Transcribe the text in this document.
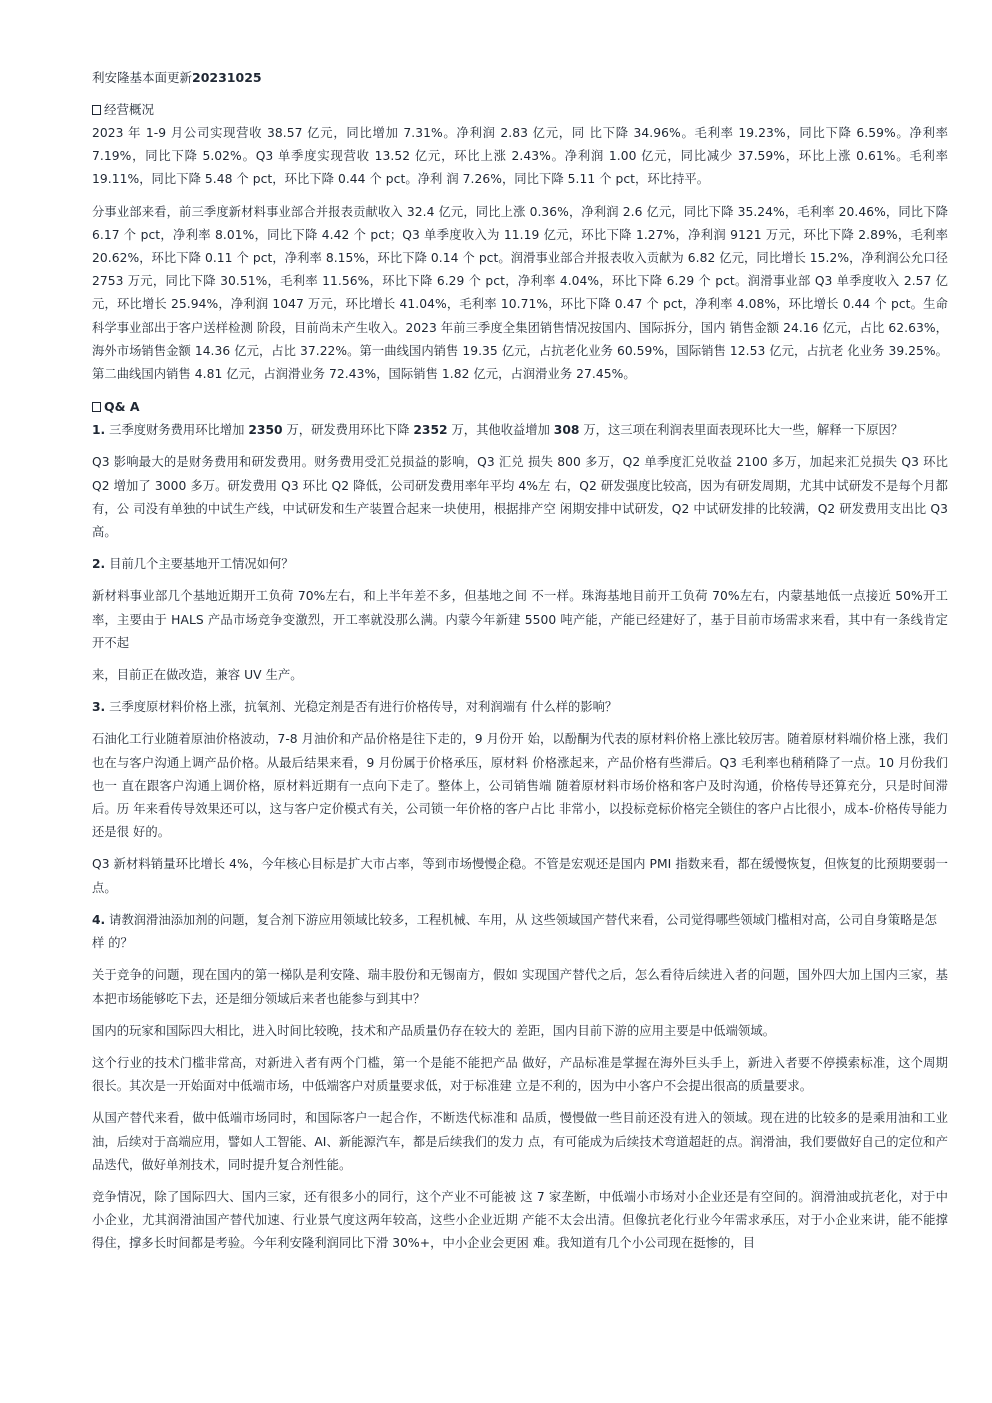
利安隆基本面更新20231025
经营概况

2023 年 1-9 月公司实现营收 38.57 亿元，同比增加 7.31%。净利润 2.83 亿元，同 比下降 34.96%。毛利率 19.23%，同比下降 6.59%。净利率 7.19%，同比下降 5.02%。Q3 单季度实现营收 13.52 亿元，环比上涨 2.43%。净利润 1.00 亿元，同比减少 37.59%，环比上涨 0.61%。毛利率 19.11%，同比下降 5.48 个 pct，环比下降 0.44 个 pct。净利 润 7.26%，同比下降 5.11 个 pct，环比持平。

分事业部来看，前三季度新材料事业部合并报表贡献收入 32.4 亿元，同比上涨 0.36%，净利润 2.6 亿元，同比下降 35.24%，毛利率 20.46%，同比下降 6.17 个 pct，净利率 8.01%，同比下降 4.42 个 pct；Q3 单季度收入为 11.19 亿元，环比下降 1.27%，净利润 9121 万元，环比下降 2.89%，毛利率 20.62%，环比下降 0.11 个 pct，净利率 8.15%，环比下降 0.14 个 pct。润滑事业部合并报表收入贡献为 6.82 亿元，同比增长 15.2%，净利润公允口径 2753 万元，同比下降 30.51%，毛利率 11.56%，环比下降 6.29 个 pct，净利率 4.04%，环比下降 6.29 个 pct。润滑事业部 Q3 单季度收入 2.57 亿元，环比增长 25.94%，净利润 1047 万元，环比增长 41.04%，毛利率 10.71%，环比下降 0.47 个 pct，净利率 4.08%，环比增长 0.44 个 pct。生命科学事业部出于客户送样检测 阶段，目前尚未产生收入。2023 年前三季度全集团销售情况按国内、国际拆分，国内 销售金额 24.16 亿元，占比 62.63%，海外市场销售金额 14.36 亿元，占比 37.22%。第一曲线国内销售 19.35 亿元，占抗老化业务 60.59%，国际销售 12.53 亿元，占抗老 化业务 39.25%。第二曲线国内销售 4.81 亿元，占润滑业务 72.43%，国际销售 1.82 亿元，占润滑业务 27.45%。

Q& A

1. 三季度财务费用环比增加 2350 万，研发费用环比下降 2352 万，其他收益增加 308 万，这三项在利润表里面表现环比大一些，解释一下原因？

Q3 影响最大的是财务费用和研发费用。财务费用受汇兑损益的影响，Q3 汇兑 损失 800 多万，Q2 单季度汇兑收益 2100 多万，加起来汇兑损失 Q3 环比 Q2 增加了 3000 多万。研发费用 Q3 环比 Q2 降低，公司研发费用率年平均 4%左 右，Q2 研发强度比较高，因为有研发周期，尤其中试研发不是每个月都有，公 司没有单独的中试生产线，中试研发和生产装置合起来一块使用，根据排产空 闲期安排中试研发，Q2 中试研发排的比较满，Q2 研发费用支出比 Q3 高。

2. 目前几个主要基地开工情况如何？

新材料事业部几个基地近期开工负荷 70%左右，和上半年差不多，但基地之间 不一样。珠海基地目前开工负荷 70%左右，内蒙基地低一点接近 50%开工率，主要由于 HALS 产品市场竞争变激烈，开工率就没那么满。内蒙今年新建 5500 吨产能，产能已经建好了，基于目前市场需求来看，其中有一条线肯定开不起

来，目前正在做改造，兼容 UV 生产。

3. 三季度原材料价格上涨，抗氧剂、光稳定剂是否有进行价格传导，对利润端有 什么样的影响？

石油化工行业随着原油价格波动，7-8 月油价和产品价格是往下走的，9 月份开 始，以酚酮为代表的原材料价格上涨比较厉害。随着原材料端价格上涨，我们 也在与客户沟通上调产品价格。从最后结果来看，9 月份属于价格承压，原材料 价格涨起来，产品价格有些滞后。Q3 毛利率也稍稍降了一点。10 月份我们也一 直在跟客户沟通上调价格，原材料近期有一点向下走了。整体上，公司销售端 随着原材料市场价格和客户及时沟通，价格传导还算充分，只是时间滞后。历 年来看传导效果还可以，这与客户定价模式有关，公司锁一年价格的客户占比 非常小，以投标竞标价格完全锁住的客户占比很小，成本-价格传导能力还是很 好的。

Q3 新材料销量环比增长 4%，今年核心目标是扩大市占率，等到市场慢慢企稳。不管是宏观还是国内 PMI 指数来看，都在缓慢恢复，但恢复的比预期要弱一点。

4. 请教润滑油添加剂的问题，复合剂下游应用领域比较多，工程机械、车用，从 这些领域国产替代来看，公司觉得哪些领域门槛相对高，公司自身策略是怎样 的？

关于竞争的问题，现在国内的第一梯队是利安隆、瑞丰股份和无锡南方，假如 实现国产替代之后，怎么看待后续进入者的问题，国外四大加上国内三家，基 本把市场能够吃下去，还是细分领域后来者也能参与到其中？

国内的玩家和国际四大相比，进入时间比较晚，技术和产品质量仍存在较大的 差距，国内目前下游的应用主要是中低端领域。

这个行业的技术门槛非常高，对新进入者有两个门槛，第一个是能不能把产品 做好，产品标准是掌握在海外巨头手上，新进入者要不停摸索标准，这个周期 很长。其次是一开始面对中低端市场，中低端客户对质量要求低，对于标准建 立是不利的，因为中小客户不会提出很高的质量要求。

从国产替代来看，做中低端市场同时，和国际客户一起合作，不断迭代标准和 品质，慢慢做一些目前还没有进入的领域。现在进的比较多的是乘用油和工业 油，后续对于高端应用，譬如人工智能、AI、新能源汽车，都是后续我们的发力 点，有可能成为后续技术弯道超赶的点。润滑油，我们要做好自己的定位和产 品迭代，做好单剂技术，同时提升复合剂性能。

竞争情况，除了国际四大、国内三家，还有很多小的同行，这个产业不可能被 这 7 家垄断，中低端小市场对小企业还是有空间的。润滑油或抗老化，对于中 小企业，尤其润滑油国产替代加速、行业景气度这两年较高，这些小企业近期 产能不太会出清。但像抗老化行业今年需求承压，对于小企业来讲，能不能撑 得住，撑多长时间都是考验。今年利安隆利润同比下滑 30%+，中小企业会更困 难。我知道有几个小公司现在挺惨的，目
